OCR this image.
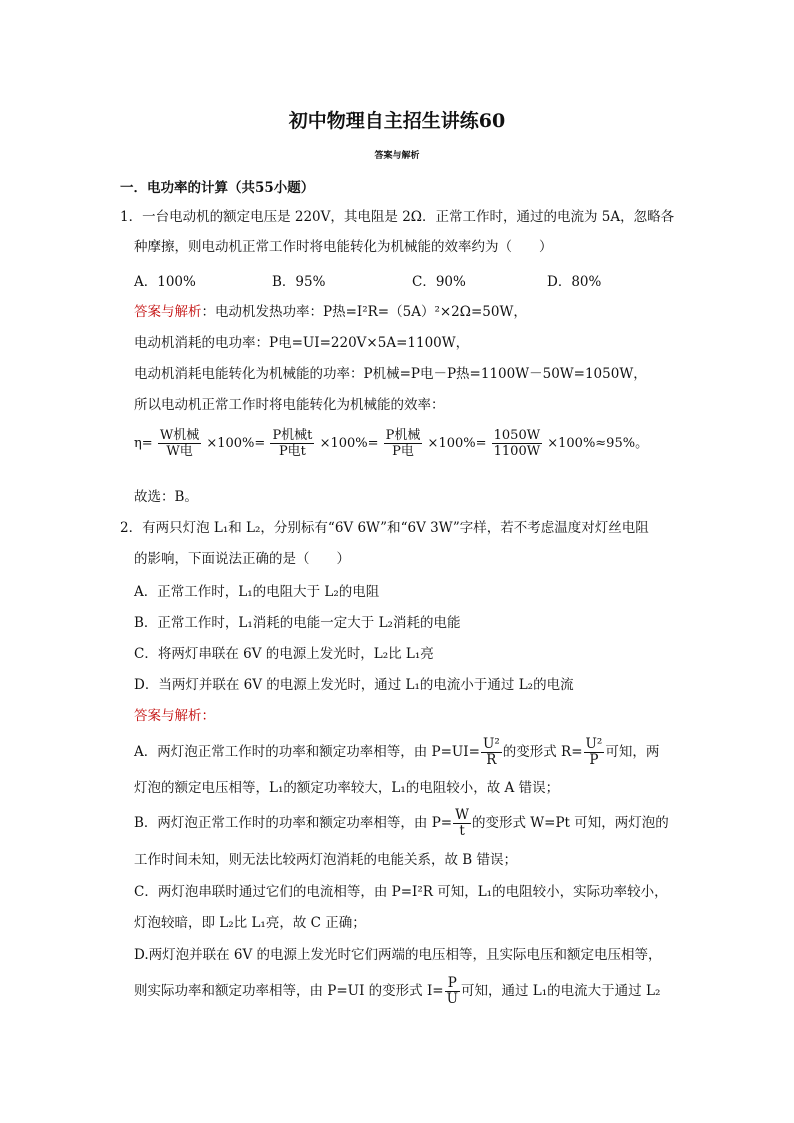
初中物理自主招生讲练60
答案与解析
一．电功率的计算（共55小题）
1．一台电动机的额定电压是 220V，其电阻是 2Ω．正常工作时，通过的电流为 5A，忽略各
种摩擦，则电动机正常工作时将电能转化为机械能的效率约为（　　）
A．100%	B．95%	C．90%	D．80%
答案与解析：电动机发热功率：P热=I²R=（5A）²×2Ω=50W，
电动机消耗的电功率：P电=UI=220V×5A=1100W，
电动机消耗电能转化为机械能的功率：P机械=P电－P热=1100W－50W=1050W，
所以电动机正常工作时将电能转化为机械能的效率：
$\eta= \frac{\text{W机械}}{\text{W电}} \times 100\%= \frac{\text{P机械t}}{\text{P电t}} \times 100\%= \frac{\text{P机械}}{\text{P电}} \times 100\%= \frac{1050W}{1100W} \times 100\%\approx 95\%$。
故选：B。
2．有两只灯泡 L₁和 L₂，分别标有“6V 6W”和“6V 3W”字样，若不考虑温度对灯丝电阻
的影响，下面说法正确的是（　　）
A．正常工作时，L₁的电阻大于 L₂的电阻
B．正常工作时，L₁消耗的电能一定大于 L₂消耗的电能
C．将两灯串联在 6V 的电源上发光时，L₂比 L₁亮
D．当两灯并联在 6V 的电源上发光时，通过 L₁的电流小于通过 L₂的电流
答案与解析：
A．两灯泡正常工作时的功率和额定功率相等，由 $P=UI= \frac{\text{U²}}{R}$ 的变形式 $R= \frac{\text{U²}}{P}$ 可知，两
灯泡的额定电压相等，L₁的额定功率较大，L₁的电阻较小，故 A 错误；
B．两灯泡正常工作时的功率和额定功率相等，由 $P= \frac{W}{t}$ 的变形式 W=Pt 可知，两灯泡的
工作时间未知，则无法比较两灯泡消耗的电能关系，故 B 错误；
C．两灯泡串联时通过它们的电流相等，由 P=I²R 可知，L₁的电阻较小，实际功率较小，
灯泡较暗，即 L₂比 L₁亮，故 C 正确；
D.两灯泡并联在 6V 的电源上发光时它们两端的电压相等，且实际电压和额定电压相等，
则实际功率和额定功率相等，由 P=UI 的变形式 $I= \frac{P}{U}$ 可知，通过 L₁的电流大于通过 L₂
